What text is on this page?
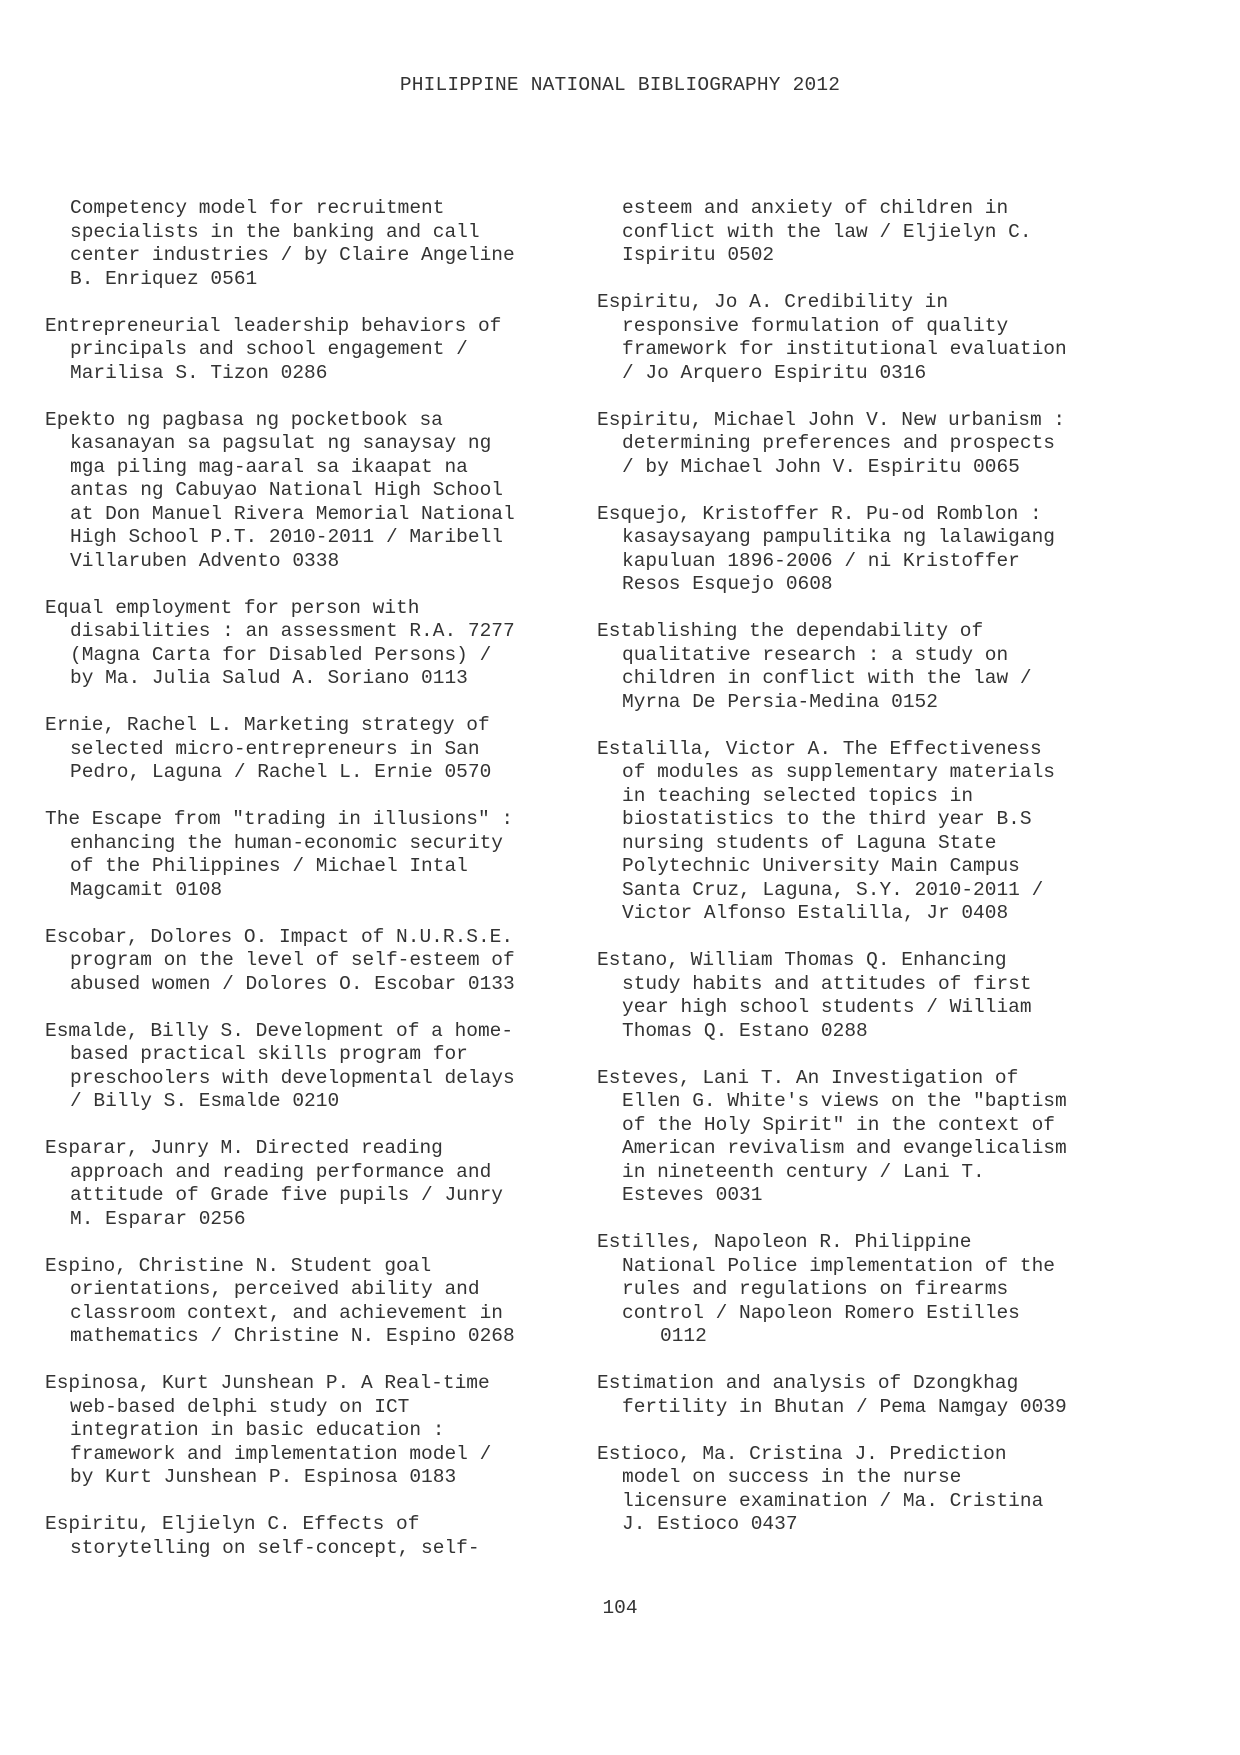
PHILIPPINE NATIONAL BIBLIOGRAPHY 2012
Competency model for recruitment
specialists in the banking and call
center industries / by Claire Angeline
B. Enriquez 0561
Entrepreneurial leadership behaviors of
principals and school engagement /
Marilisa S. Tizon 0286
Epekto ng pagbasa ng pocketbook sa
kasanayan sa pagsulat ng sanaysay ng
mga piling mag-aaral sa ikaapat na
antas ng Cabuyao National High School
at Don Manuel Rivera Memorial National
High School P.T. 2010-2011 / Maribell
Villaruben Advento 0338
Equal employment for person with
disabilities : an assessment R.A. 7277
(Magna Carta for Disabled Persons) /
by Ma. Julia Salud A. Soriano 0113
Ernie, Rachel L. Marketing strategy of
selected micro-entrepreneurs in San
Pedro, Laguna / Rachel L. Ernie 0570
The Escape from "trading in illusions" :
enhancing the human-economic security
of the Philippines / Michael Intal
Magcamit 0108
Escobar, Dolores O. Impact of N.U.R.S.E.
program on the level of self-esteem of
abused women / Dolores O. Escobar 0133
Esmalde, Billy S. Development of a home-
based practical skills program for
preschoolers with developmental delays
/ Billy S. Esmalde 0210
Esparar, Junry M. Directed reading
approach and reading performance and
attitude of Grade five pupils / Junry
M. Esparar 0256
Espino, Christine N. Student goal
orientations, perceived ability and
classroom context, and achievement in
mathematics / Christine N. Espino 0268
Espinosa, Kurt Junshean P. A Real-time
web-based delphi study on ICT
integration in basic education :
framework and implementation model /
by Kurt Junshean P. Espinosa 0183
Espiritu, Eljielyn C. Effects of
storytelling on self-concept, self-
esteem and anxiety of children in
conflict with the law / Eljielyn C.
Ispiritu 0502
Espiritu, Jo A. Credibility in
responsive formulation of quality
framework for institutional evaluation
/ Jo Arquero Espiritu 0316
Espiritu, Michael John V. New urbanism :
determining preferences and prospects
/ by Michael John V. Espiritu 0065
Esquejo, Kristoffer R. Pu-od Romblon :
kasaysayang pampulitika ng lalawigang
kapuluan 1896-2006 / ni Kristoffer
Resos Esquejo 0608
Establishing the dependability of
qualitative research : a study on
children in conflict with the law /
Myrna De Persia-Medina 0152
Estalilla, Victor A. The Effectiveness
of modules as supplementary materials
in teaching selected topics in
biostatistics to the third year B.S
nursing students of Laguna State
Polytechnic University Main Campus
Santa Cruz, Laguna, S.Y. 2010-2011 /
Victor Alfonso Estalilla, Jr 0408
Estano, William Thomas Q. Enhancing
study habits and attitudes of first
year high school students / William
Thomas Q. Estano 0288
Esteves, Lani T. An Investigation of
Ellen G. White's views on the "baptism
of the Holy Spirit" in the context of
American revivalism and evangelicalism
in nineteenth century / Lani T.
Esteves 0031
Estilles, Napoleon R. Philippine
National Police implementation of the
rules and regulations on firearms
control / Napoleon Romero Estilles
0112
Estimation and analysis of Dzongkhag
fertility in Bhutan / Pema Namgay 0039
Estioco, Ma. Cristina J. Prediction
model on success in the nurse
licensure examination / Ma. Cristina
J. Estioco 0437
104
